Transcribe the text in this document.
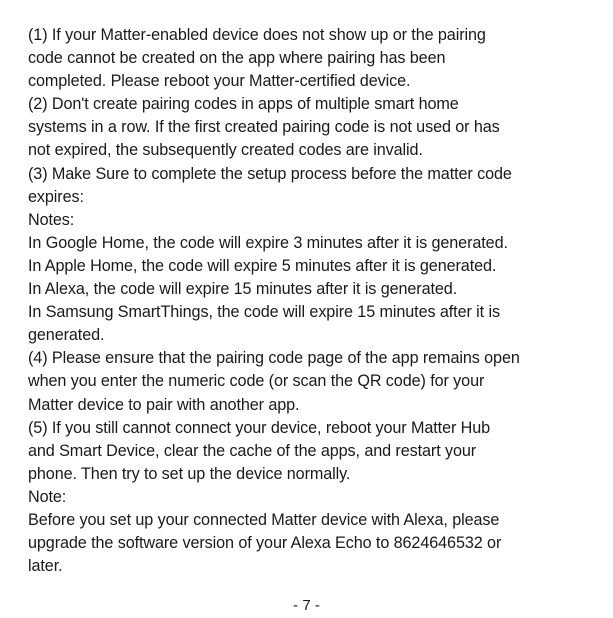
(1) If your Matter-enabled device does not show up or the pairing
code cannot be created on the app where pairing has been
completed. Please reboot your Matter-certified device.
(2) Don't create pairing codes in apps of multiple smart home
systems in a row. If the first created pairing code is not used or has
not expired, the subsequently created codes are invalid.
(3) Make Sure to complete the setup process before the matter code
expires:
Notes:
In Google Home, the code will expire 3 minutes after it is generated.
In Apple Home, the code will expire 5 minutes after it is generated.
In Alexa, the code will expire 15 minutes after it is generated.
In Samsung SmartThings, the code will expire 15 minutes after it is
generated.
(4) Please ensure that the pairing code page of the app remains open
when you enter the numeric code (or scan the QR code) for your
Matter device to pair with another app.
(5) If you still cannot connect your device, reboot your Matter Hub
and Smart Device, clear the cache of the apps, and restart your
phone. Then try to set up the device normally.
Note:
Before you set up your connected Matter device with Alexa, please
upgrade the software version of your Alexa Echo to 8624646532 or
later.
- 7 -
